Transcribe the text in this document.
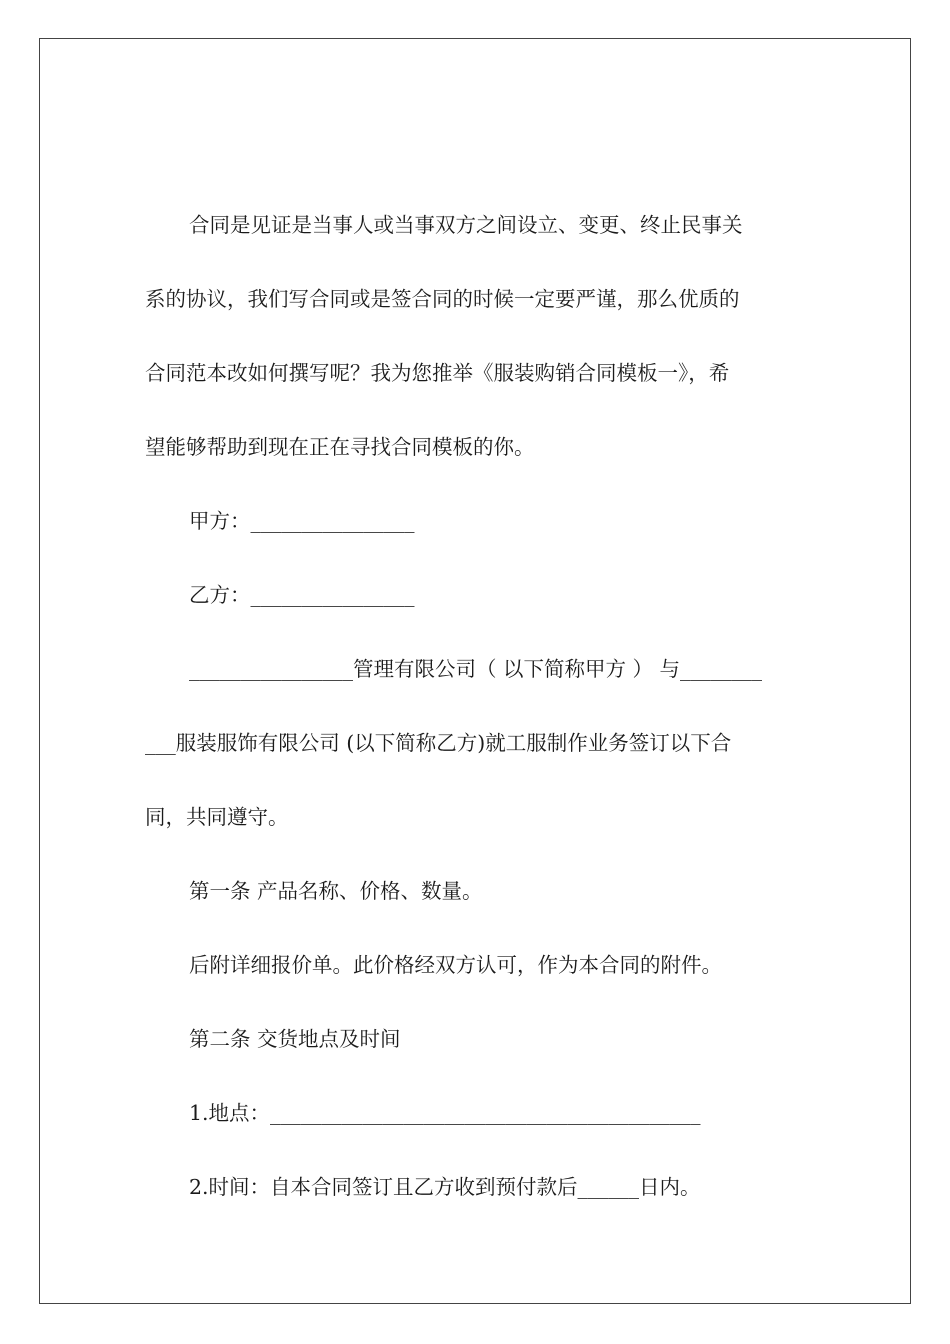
合同是见证是当事人或当事双方之间设立、变更、终止民事关
系的协议，我们写合同或是签合同的时候一定要严谨，那么优质的
合同范本改如何撰写呢？我为您推举《服装购销合同模板一》，希
望能够帮助到现在正在寻找合同模板的你。
甲方：________________
乙方：________________
________________管理有限公司（ 以下简称甲方 ） 与________
___服装服饰有限公司 (以下简称乙方)就工服制作业务签订以下合
同，共同遵守。
第一条 产品名称、价格、数量。
后附详细报价单。此价格经双方认可，作为本合同的附件。
第二条 交货地点及时间
1.地点：__________________________________________
2.时间：自本合同签订且乙方收到预付款后______日内。
